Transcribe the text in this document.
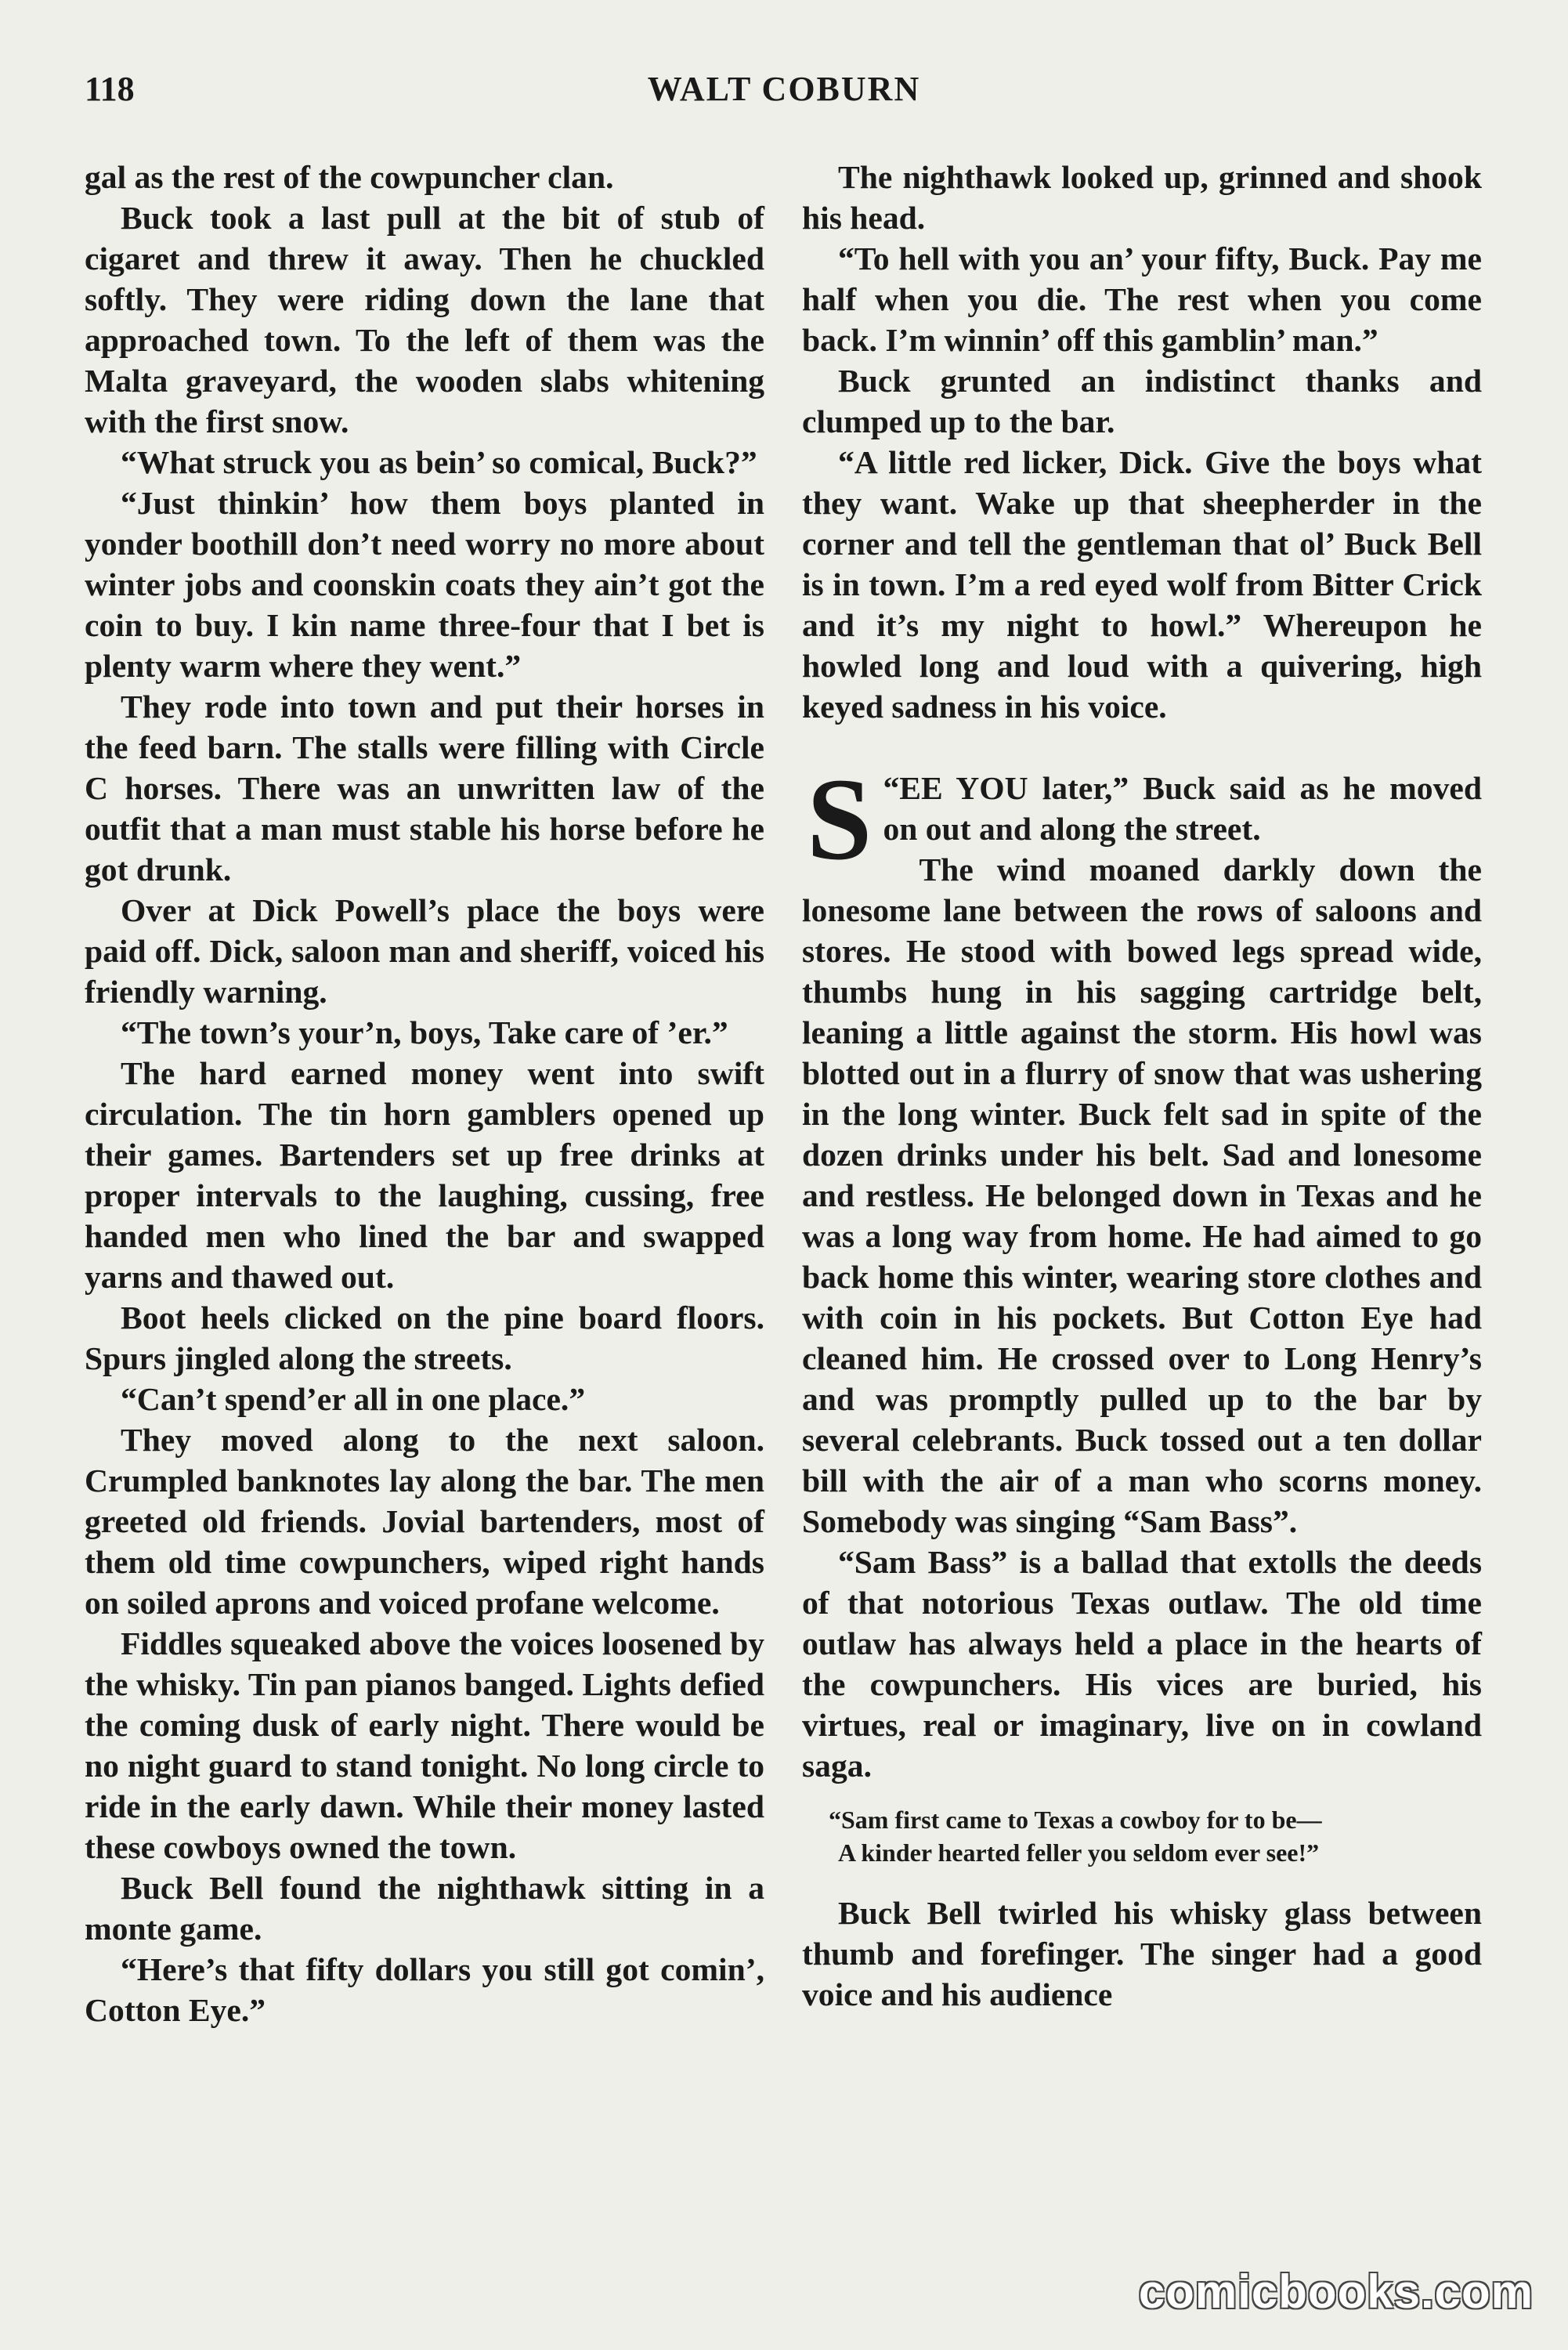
118	WALT COBURN

gal as the rest of the cowpuncher clan.

Buck took a last pull at the bit of stub of cigaret and threw it away. Then he chuckled softly. They were riding down the lane that approached town. To the left of them was the Malta graveyard, the wooden slabs whitening with the first snow.

“What struck you as bein’ so comical, Buck?”

“Just thinkin’ how them boys planted in yonder boothill don’t need worry no more about winter jobs and coonskin coats they ain’t got the coin to buy. I kin name three-four that I bet is plenty warm where they went.”

They rode into town and put their horses in the feed barn. The stalls were filling with Circle C horses. There was an unwritten law of the outfit that a man must stable his horse before he got drunk.

Over at Dick Powell’s place the boys were paid off. Dick, saloon man and sheriff, voiced his friendly warning.

“The town’s your’n, boys, Take care of ’er.”

The hard earned money went into swift circulation. The tin horn gamblers opened up their games. Bartenders set up free drinks at proper intervals to the laughing, cussing, free handed men who lined the bar and swapped yarns and thawed out.

Boot heels clicked on the pine board floors. Spurs jingled along the streets.

“Can’t spend’er all in one place.”

They moved along to the next saloon. Crumpled banknotes lay along the bar. The men greeted old friends. Jovial bartenders, most of them old time cowpunchers, wiped right hands on soiled aprons and voiced profane welcome.

Fiddles squeaked above the voices loosened by the whisky. Tin pan pianos banged. Lights defied the coming dusk of early night. There would be no night guard to stand tonight. No long circle to ride in the early dawn. While their money lasted these cowboys owned the town.

Buck Bell found the nighthawk sitting in a monte game.

“Here’s that fifty dollars you still got comin’, Cotton Eye.”

The nighthawk looked up, grinned and shook his head.

“To hell with you an’ your fifty, Buck. Pay me half when you die. The rest when you come back. I’m winnin’ off this gamblin’ man.”

Buck grunted an indistinct thanks and clumped up to the bar.

“A little red licker, Dick. Give the boys what they want. Wake up that sheepherder in the corner and tell the gentleman that ol’ Buck Bell is in town. I’m a red eyed wolf from Bitter Crick and it’s my night to howl.” Whereupon he howled long and loud with a quivering, high keyed sadness in his voice.

“
S EE YOU later,” Buck said as he moved on out and along the street.

The wind moaned darkly down the lonesome lane between the rows of saloons and stores. He stood with bowed legs spread wide, thumbs hung in his sagging cartridge belt, leaning a little against the storm. His howl was blotted out in a flurry of snow that was ushering in the long winter. Buck felt sad in spite of the dozen drinks under his belt. Sad and lonesome and restless. He belonged down in Texas and he was a long way from home. He had aimed to go back home this winter, wearing store clothes and with coin in his pockets. But Cotton Eye had cleaned him. He crossed over to Long Henry’s and was promptly pulled up to the bar by several celebrants. Buck tossed out a ten dollar bill with the air of a man who scorns money. Somebody was singing “Sam Bass”.

“Sam Bass” is a ballad that extolls the deeds of that notorious Texas outlaw. The old time outlaw has always held a place in the hearts of the cowpunchers. His vices are buried, his virtues, real or imaginary, live on in cowland saga.

“Sam first came to Texas a cowboy for to be—
A kinder hearted feller you seldom ever see!”

Buck Bell twirled his whisky glass between thumb and forefinger. The singer had a good voice and his audience

comicbooks.com
